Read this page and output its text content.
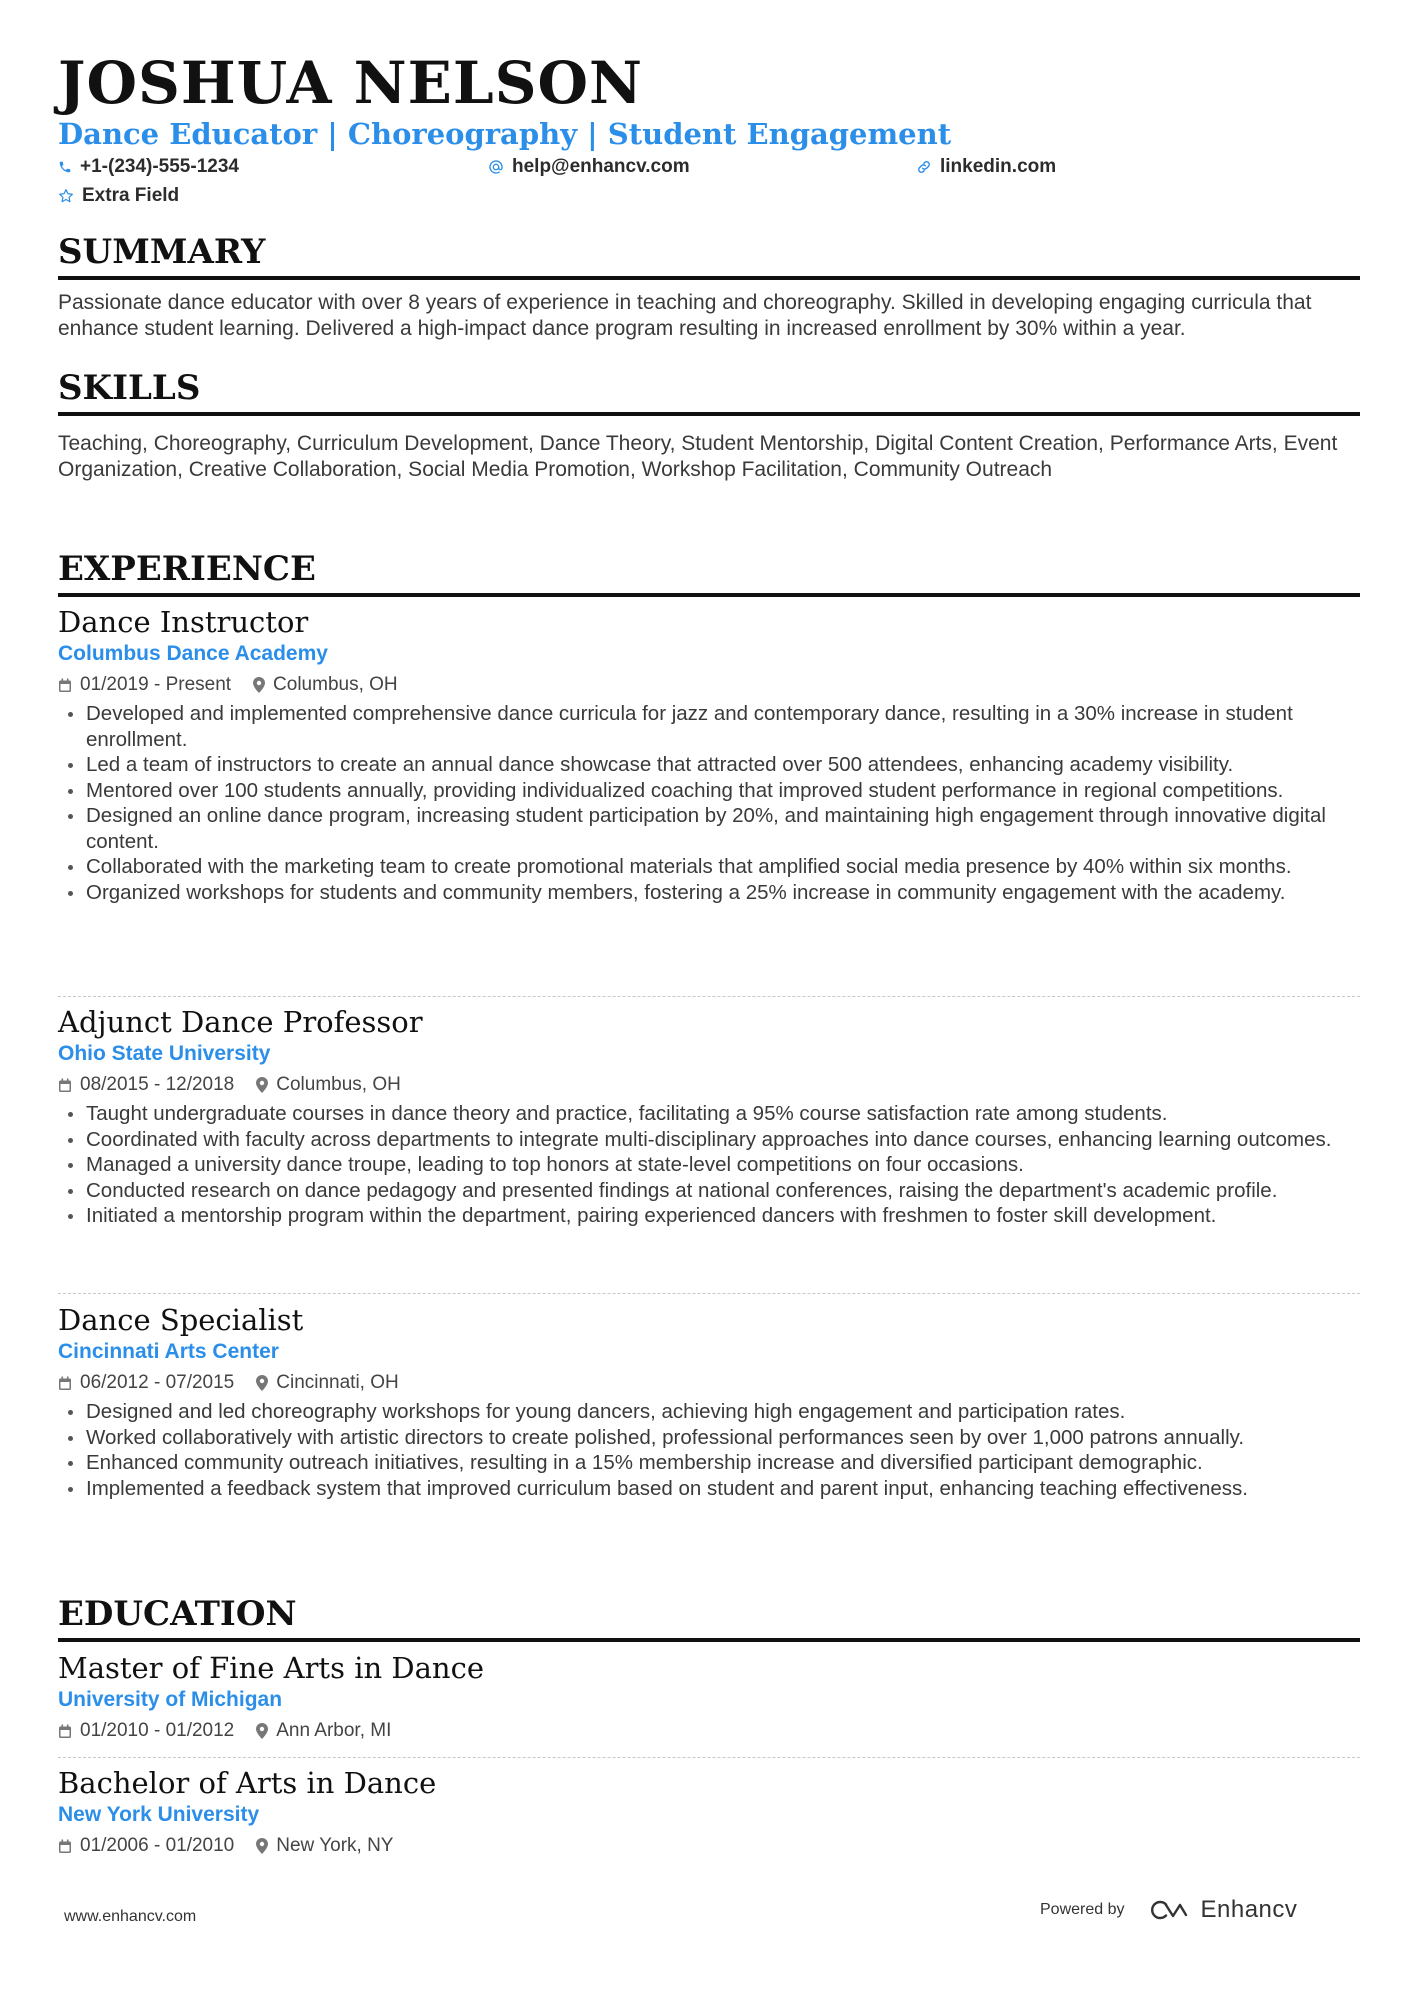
JOSHUA NELSON
Dance Educator | Choreography | Student Engagement
+1-(234)-555-1234	help@enhancv.com	linkedin.com
Extra Field
SUMMARY
Passionate dance educator with over 8 years of experience in teaching and choreography. Skilled in developing engaging curricula that enhance student learning. Delivered a high-impact dance program resulting in increased enrollment by 30% within a year.
SKILLS
Teaching, Choreography, Curriculum Development, Dance Theory, Student Mentorship, Digital Content Creation, Performance Arts, Event Organization, Creative Collaboration, Social Media Promotion, Workshop Facilitation, Community Outreach
EXPERIENCE
Dance Instructor
Columbus Dance Academy
01/2019 - Present Columbus, OH
Developed and implemented comprehensive dance curricula for jazz and contemporary dance, resulting in a 30% increase in student enrollment.
Led a team of instructors to create an annual dance showcase that attracted over 500 attendees, enhancing academy visibility.
Mentored over 100 students annually, providing individualized coaching that improved student performance in regional competitions.
Designed an online dance program, increasing student participation by 20%, and maintaining high engagement through innovative digital content.
Collaborated with the marketing team to create promotional materials that amplified social media presence by 40% within six months.
Organized workshops for students and community members, fostering a 25% increase in community engagement with the academy.
Adjunct Dance Professor
Ohio State University
08/2015 - 12/2018 Columbus, OH
Taught undergraduate courses in dance theory and practice, facilitating a 95% course satisfaction rate among students.
Coordinated with faculty across departments to integrate multi-disciplinary approaches into dance courses, enhancing learning outcomes.
Managed a university dance troupe, leading to top honors at state-level competitions on four occasions.
Conducted research on dance pedagogy and presented findings at national conferences, raising the department's academic profile.
Initiated a mentorship program within the department, pairing experienced dancers with freshmen to foster skill development.
Dance Specialist
Cincinnati Arts Center
06/2012 - 07/2015 Cincinnati, OH
Designed and led choreography workshops for young dancers, achieving high engagement and participation rates.
Worked collaboratively with artistic directors to create polished, professional performances seen by over 1,000 patrons annually.
Enhanced community outreach initiatives, resulting in a 15% membership increase and diversified participant demographic.
Implemented a feedback system that improved curriculum based on student and parent input, enhancing teaching effectiveness.
EDUCATION
Master of Fine Arts in Dance
University of Michigan
01/2010 - 01/2012 Ann Arbor, MI
Bachelor of Arts in Dance
New York University
01/2006 - 01/2010 New York, NY
www.enhancv.com	Powered by	Enhancv
